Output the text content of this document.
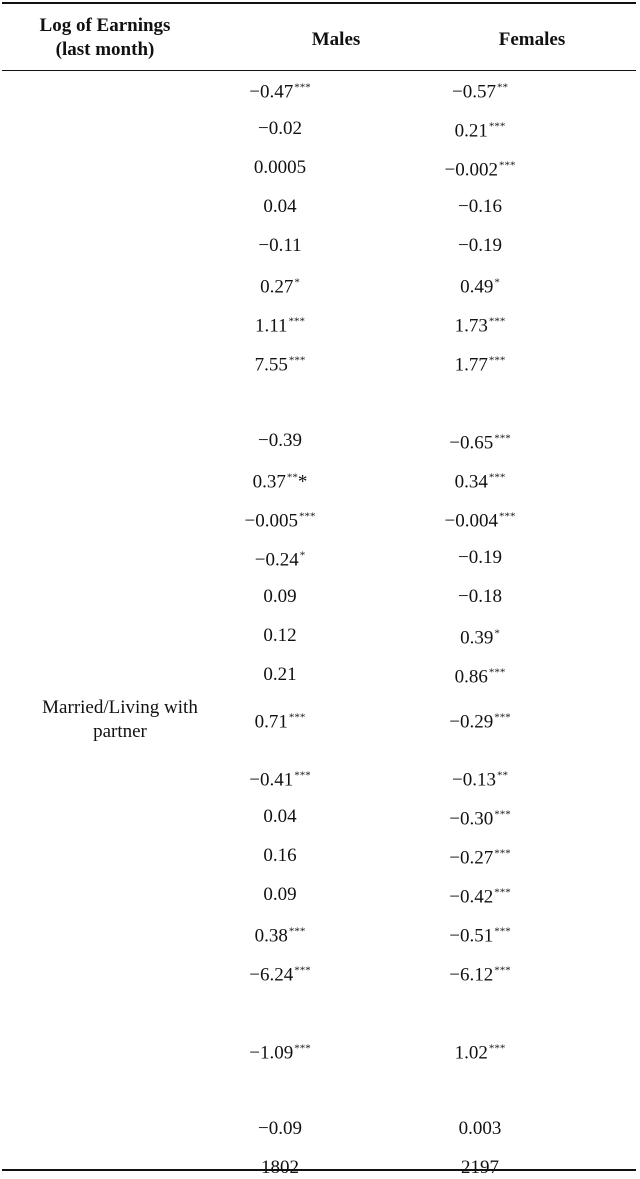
Log of Earnings
(last month)	Males	Females
−0.47***	−0.57**
−0.02	0.21***
0.0005	−0.002***
0.04	−0.16
−0.11	−0.19
0.27*	0.49*
1.11***	1.73***
7.55***	1.77***
−0.39	−0.65***
0.37***	0.34***
−0.005***	−0.004***
−0.24*	−0.19
0.09	−0.18
0.12	0.39*
0.21	0.86***
Married/Living with
partner	0.71***	−0.29***
−0.41***	−0.13**
0.04	−0.30***
0.16	−0.27***
0.09	−0.42***
0.38***	−0.51***
−6.24***	−6.12***
−1.09***	1.02***
−0.09	0.003
1802	2197
